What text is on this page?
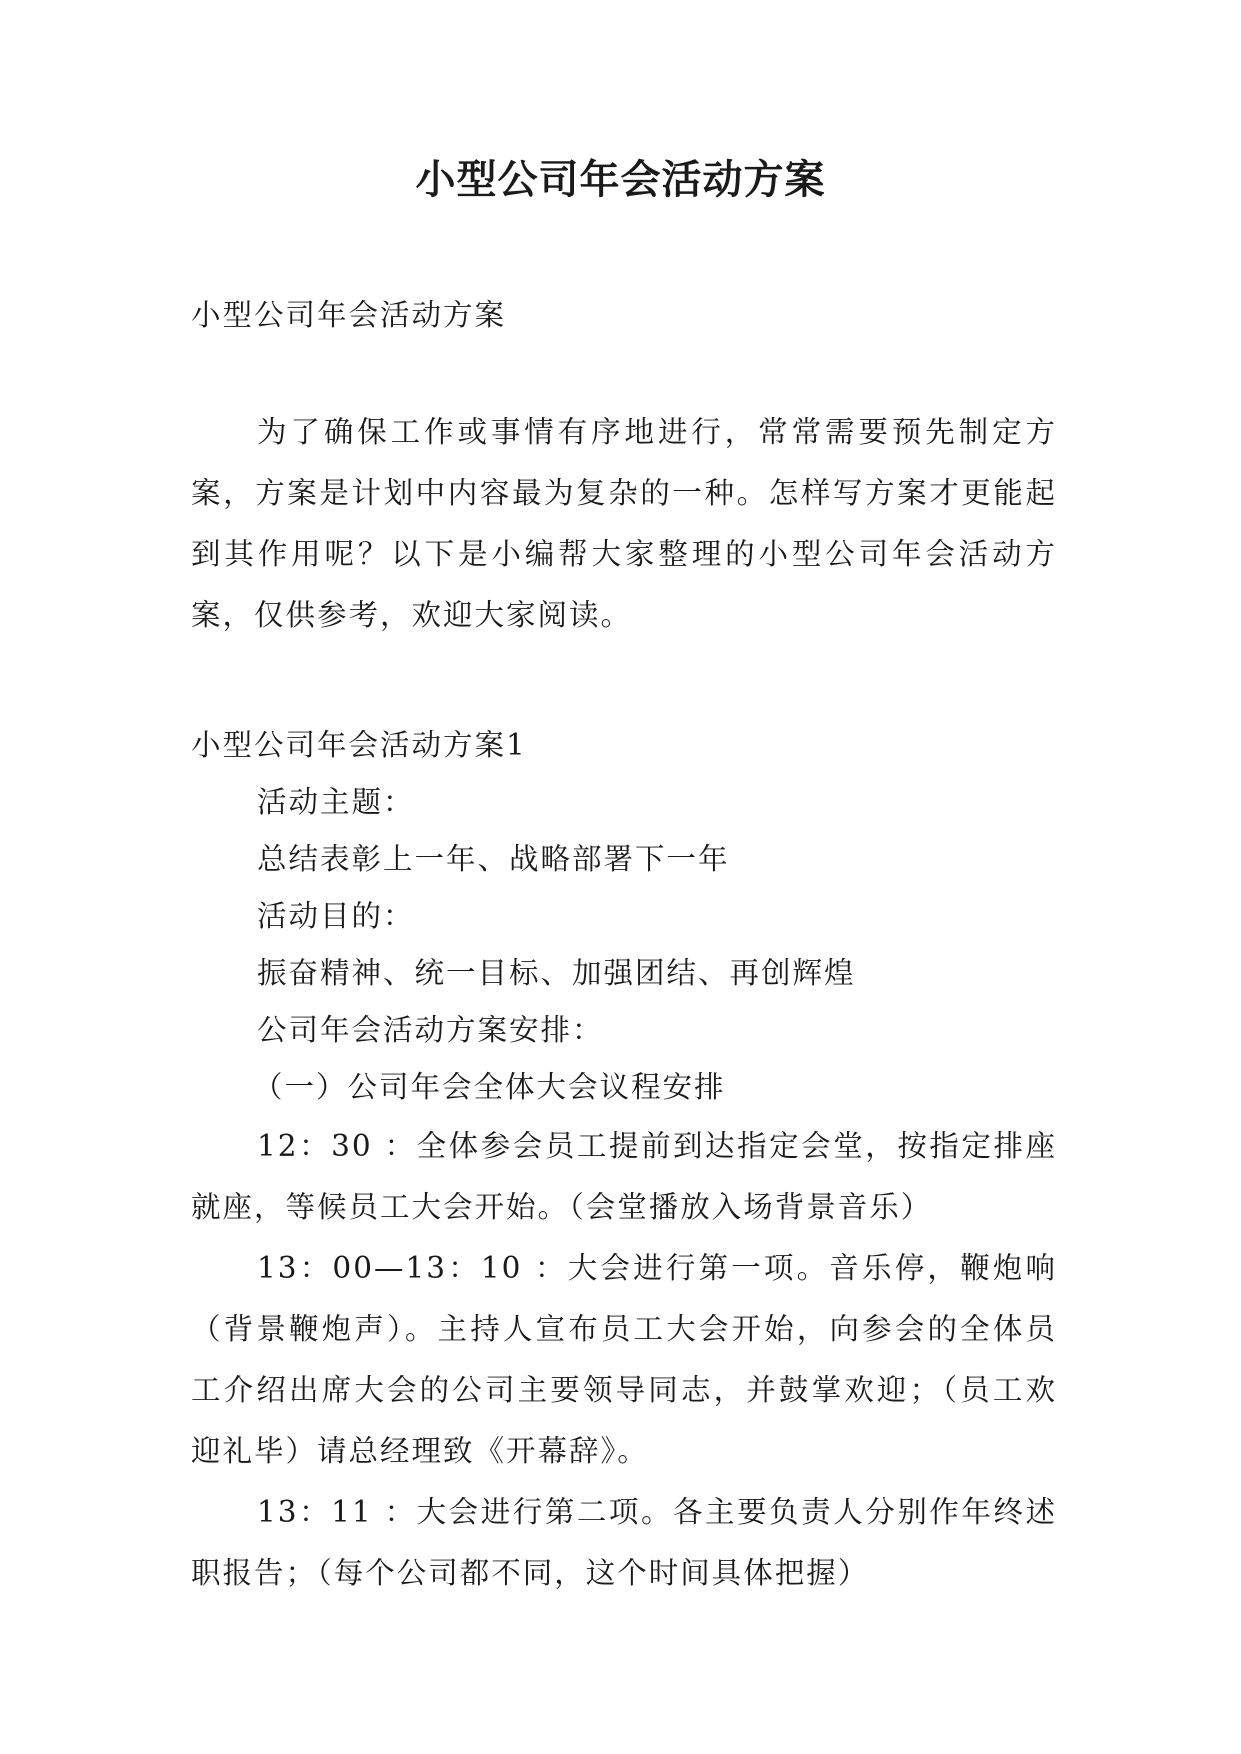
小型公司年会活动方案
小型公司年会活动方案

为了确保工作或事情有序地进行，常常需要预先制定方案，方案是计划中内容最为复杂的一种。怎样写方案才更能起到其作用呢？以下是小编帮大家整理的小型公司年会活动方案，仅供参考，欢迎大家阅读。

小型公司年会活动方案1
活动主题：
总结表彰上一年、战略部署下一年
活动目的：
振奋精神、统一目标、加强团结、再创辉煌
公司年会活动方案安排：
（一）公司年会全体大会议程安排

12：30 ：全体参会员工提前到达指定会堂，按指定排座就座，等候员工大会开始。（会堂播放入场背景音乐）

13：00—13：10 ：大会进行第一项。音乐停，鞭炮响（背景鞭炮声）。主持人宣布员工大会开始，向参会的全体员工介绍出席大会的公司主要领导同志，并鼓掌欢迎；（员工欢迎礼毕）请总经理致《开幕辞》。

13：11 ：大会进行第二项。各主要负责人分别作年终述职报告；（每个公司都不同，这个时间具体把握）
